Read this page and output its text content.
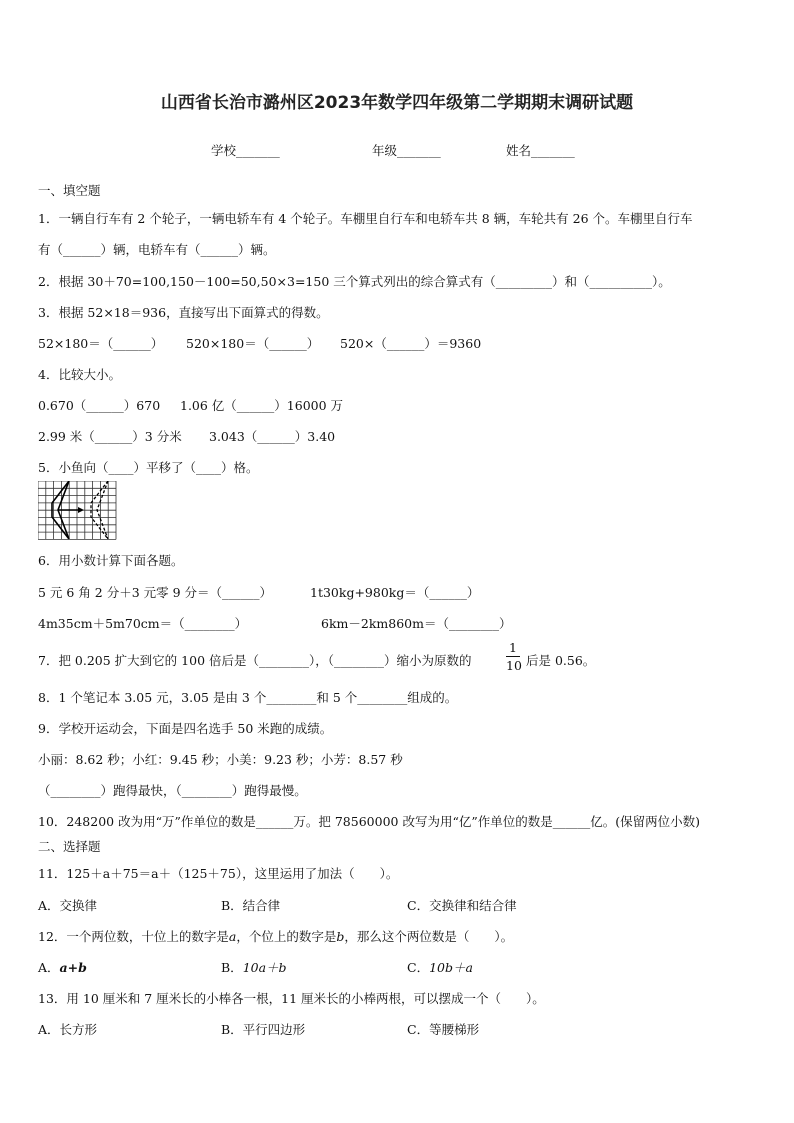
山西省长治市潞州区2023年数学四年级第二学期期末调研试题
学校_______	年级_______	姓名_______
一、填空题
1．一辆自行车有 2 个轮子，一辆电轿车有 4 个轮子。车棚里自行车和电轿车共 8 辆，车轮共有 26 个。车棚里自行车
有（______）辆，电轿车有（______）辆。
2．根据 30＋70=100,150－100=50,50×3=150 三个算式列出的综合算式有（_________）和（__________）。
3．根据 52×18＝936，直接写出下面算式的得数。
52×180＝（______） 520×180＝（______） 520×（______）＝9360
4．比较大小。
0.670（______）670 1.06 亿（______）16000 万
2.99 米（______）3 分米 3.043（______）3.40
5．小鱼向（____）平移了（____）格。
6．用小数计算下面各题。
5 元 6 角 2 分＋3 元零 9 分＝（______）	1t30kg+980kg＝（______）
4m35cm＋5m70cm＝（________）	6km－2km860m＝（________）
7．把 0.205 扩大到它的 100 倍后是（________），（________）缩小为原数的
1
10 后是 0.56。
8．1 个笔记本 3.05 元，3.05 是由 3 个________和 5 个________组成的。
9．学校开运动会，下面是四名选手 50 米跑的成绩。
小丽：8.62 秒；小红：9.45 秒；小美：9.23 秒；小芳：8.57 秒
（________）跑得最快，（________）跑得最慢。
10．248200 改为用“万”作单位的数是______万。把 78560000 改写为用“亿”作单位的数是______亿。(保留两位小数)
二、选择题
11．125＋a＋75＝a＋（125＋75），这里运用了加法（　　）。
A．交换律	B．结合律	C．交换律和结合律
12．一个两位数，十位上的数字是a，个位上的数字是b，那么这个两位数是（　　）。
A．a+b	B．10a＋b	C．10b＋a
13．用 10 厘米和 7 厘米长的小棒各一根，11 厘米长的小棒两根，可以摆成一个（　　）。
A．长方形	B．平行四边形	C．等腰梯形
